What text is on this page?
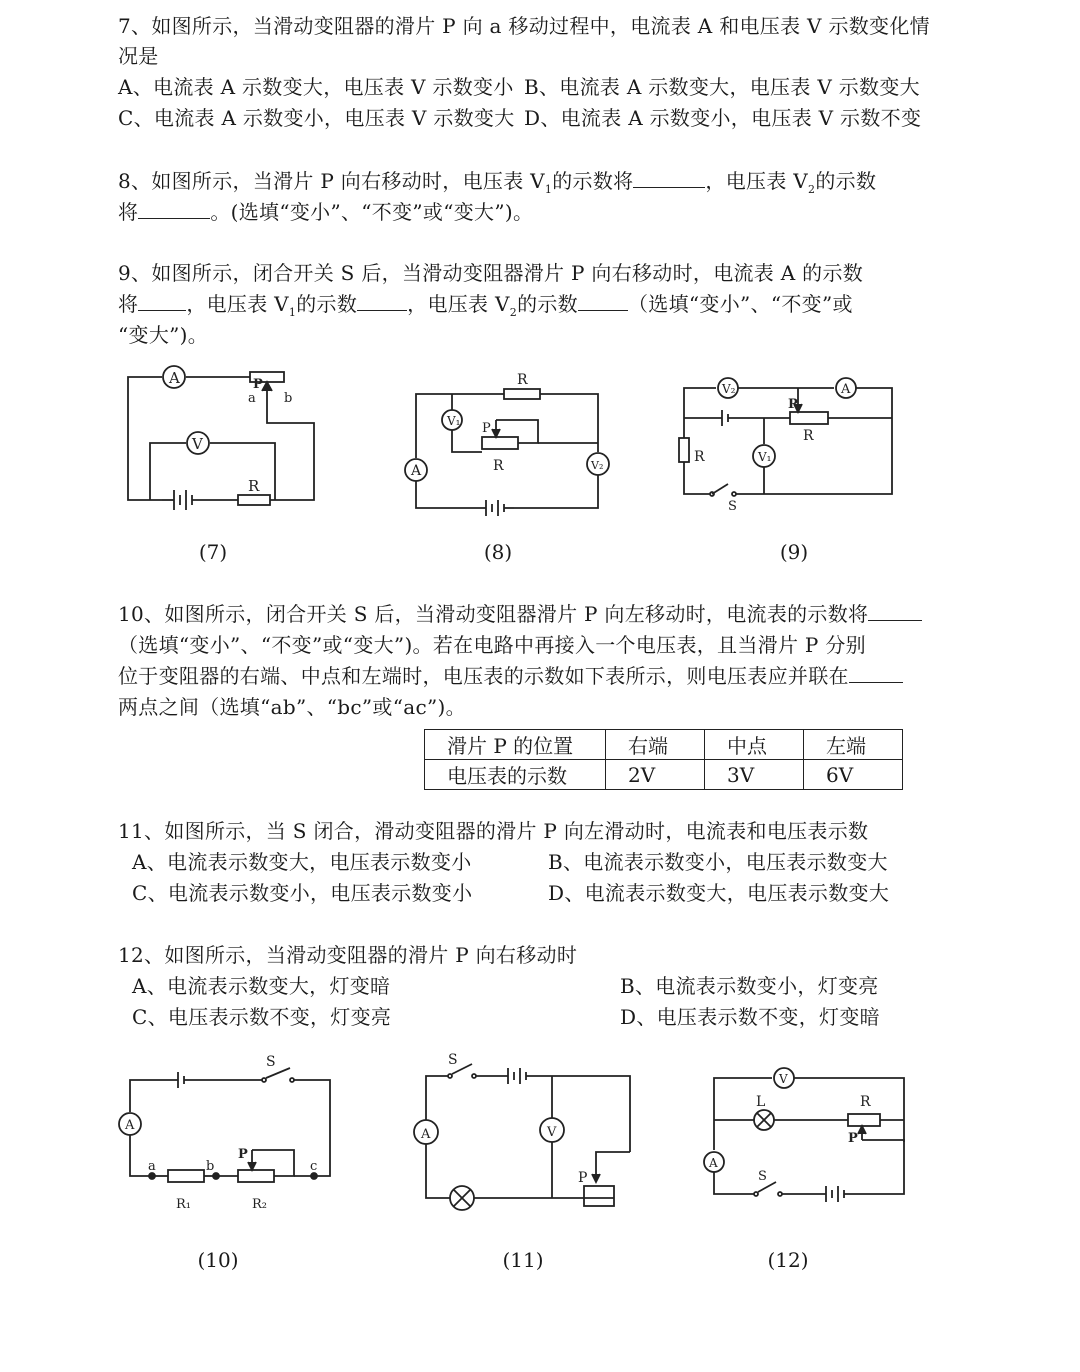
7、如图所示，当滑动变阻器的滑片 P 向 a 移动过程中，电流表 A 和电压表 V 示数变化情
况是
A、电流表 A 示数变大，电压表 V 示数变小 B、电流表 A 示数变大，电压表 V 示数变大
C、电流表 A 示数变小，电压表 V 示数变大 D、电流表 A 示数变小，电压表 V 示数不变
8、如图所示，当滑片 P 向右移动时，电压表 $V_1$的示数将	，电压表 $V_2$的示数
将	。(选填“变小”、“不变”或“变大”)。
9、如图所示，闭合开关 S 后，当滑动变阻器滑片 P 向右移动时，电流表 A 的示数
将 ，电压表 $V_1$的示数	，电压表 $V_2$的示数	（选填“变小”、“不变”或
“变大”)。
A	P
a b
V
R
(7)
R
V₁ P
R
A	V₂
(8)
V₂	A
P
R
V₁
R
S
(9)
10、如图所示，闭合开关 S 后，当滑动变阻器滑片 P 向左移动时，电流表的示数将
（选填“变小”、“不变”或“变大”)。若在电路中再接入一个电压表，且当滑片 P 分别
位于变阻器的右端、中点和左端时，电压表的示数如下表所示，则电压表应并联在
两点之间（选填“ab”、“bc”或“ac”)。
滑片 P 的位置	右端	中点	左端
电压表的示数	2V	3V	6V
11、如图所示，当 S 闭合，滑动变阻器的滑片 P 向左滑动时，电流表和电压表示数
A、电流表示数变大，电压表示数变小	B、电流表示数变小，电压表示数变大
C、电流表示数变小，电压表示数变小	D、电流表示数变大，电压表示数变大
12、如图所示，当滑动变阻器的滑片 P 向右移动时
A、电流表示数变大，灯变暗	B、电流表示数变小，灯变亮
C、电压表示数不变，灯变亮	D、电压表示数不变，灯变暗
S
A
a
R₁
b
R₂
P
c
(10)
S
A	V
P
(11)
V
L	R
P
A
S
(12)
